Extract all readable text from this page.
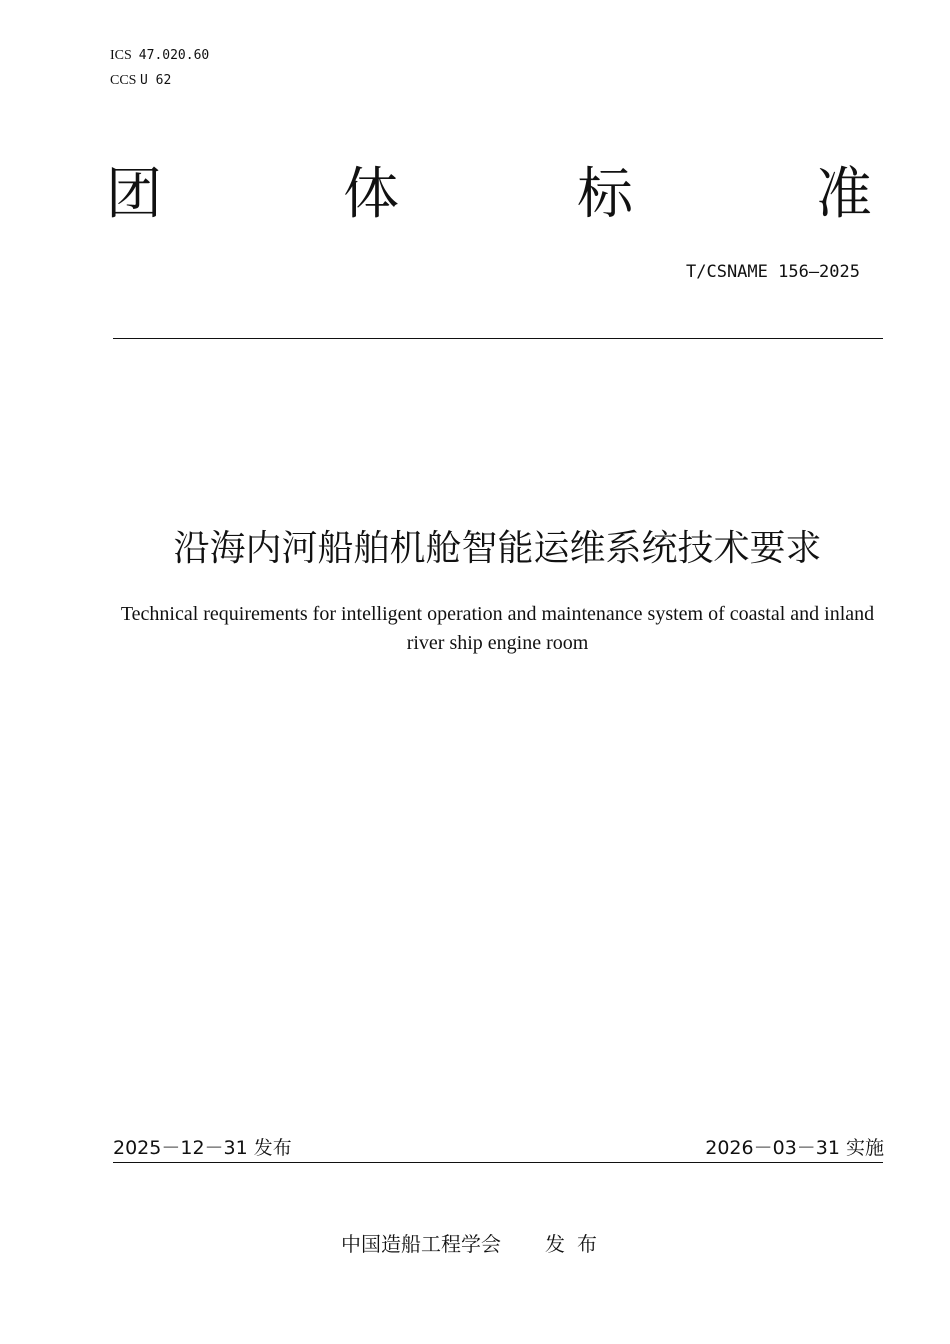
ICS 47.020.60
CCS U 62
团	体	标	准
T/CSNAME 156—2025
沿海内河船舶机舱智能运维系统技术要求
Technical requirements for intelligent operation and maintenance system of coastal and inland river ship engine room
2025－12－31 发布	2026－03－31 实施
中国造船工程学会 发布
